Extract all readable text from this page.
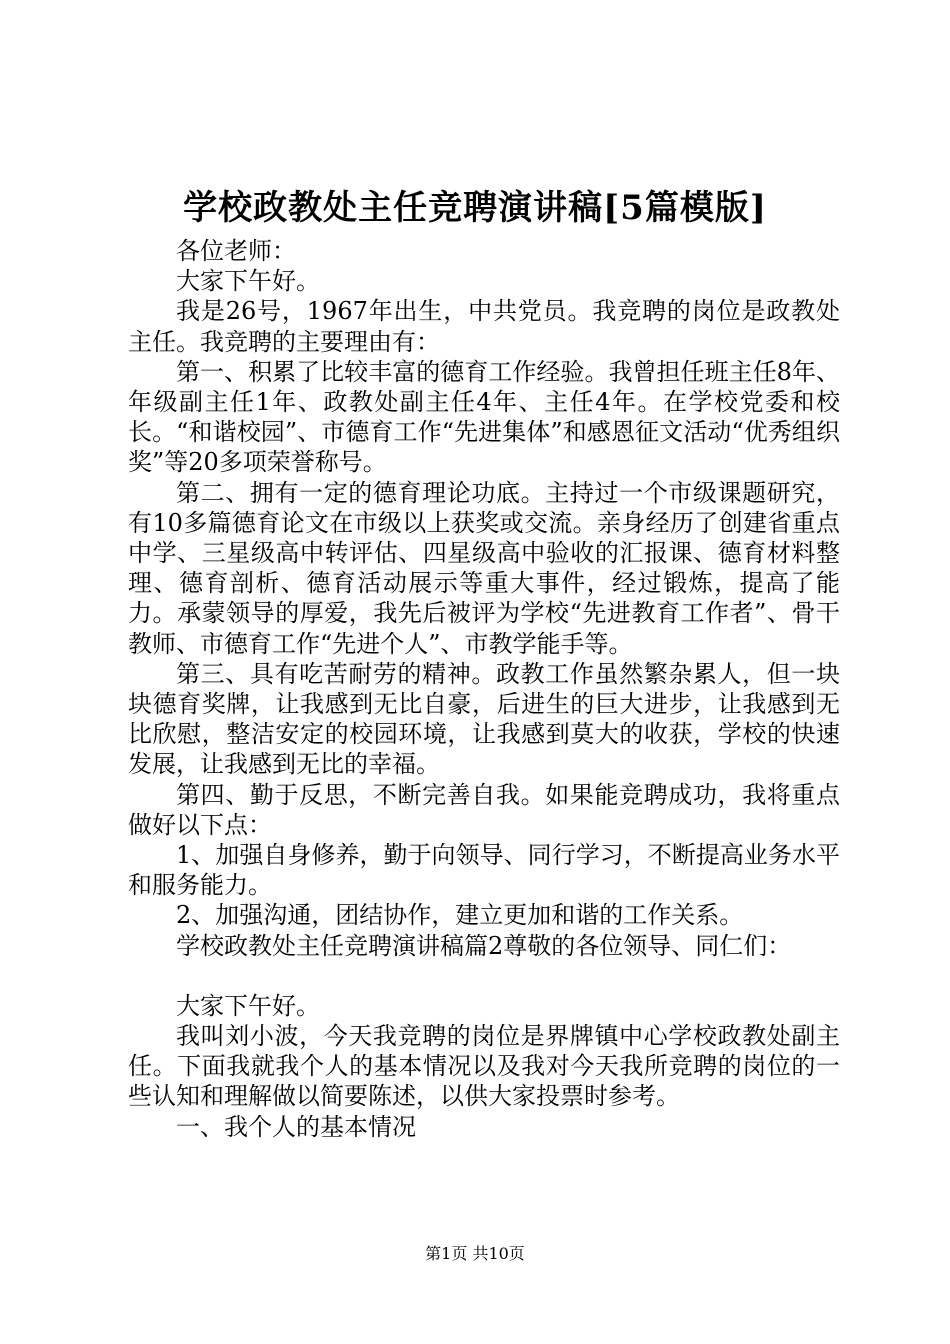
学校政教处主任竞聘演讲稿[5篇模版]

各位老师：

大家下午好。

我是26号，1967年出生，中共党员。我竞聘的岗位是政教处主任。我竞聘的主要理由有：

第一、积累了比较丰富的德育工作经验。我曾担任班主任8年、年级副主任1年、政教处副主任4年、主任4年。在学校党委和校长。“和谐校园”、市德育工作“先进集体”和感恩征文活动“优秀组织奖”等20多项荣誉称号。

第二、拥有一定的德育理论功底。主持过一个市级课题研究，有10多篇德育论文在市级以上获奖或交流。亲身经历了创建省重点中学、三星级高中转评估、四星级高中验收的汇报课、德育材料整理、德育剖析、德育活动展示等重大事件，经过锻炼，提高了能力。承蒙领导的厚爱，我先后被评为学校“先进教育工作者”、骨干教师、市德育工作“先进个人”、市教学能手等。

第三、具有吃苦耐劳的精神。政教工作虽然繁杂累人，但一块块德育奖牌，让我感到无比自豪，后进生的巨大进步，让我感到无比欣慰，整洁安定的校园环境，让我感到莫大的收获，学校的快速发展，让我感到无比的幸福。

第四、勤于反思，不断完善自我。如果能竞聘成功，我将重点做好以下点：

1、加强自身修养，勤于向领导、同行学习，不断提高业务水平和服务能力。

2、加强沟通，团结协作，建立更加和谐的工作关系。

学校政教处主任竞聘演讲稿篇2尊敬的各位领导、同仁们：

大家下午好。

我叫刘小波，今天我竞聘的岗位是界牌镇中心学校政教处副主任。下面我就我个人的基本情况以及我对今天我所竞聘的岗位的一些认知和理解做以简要陈述，以供大家投票时参考。

一、我个人的基本情况

第1页 共10页
